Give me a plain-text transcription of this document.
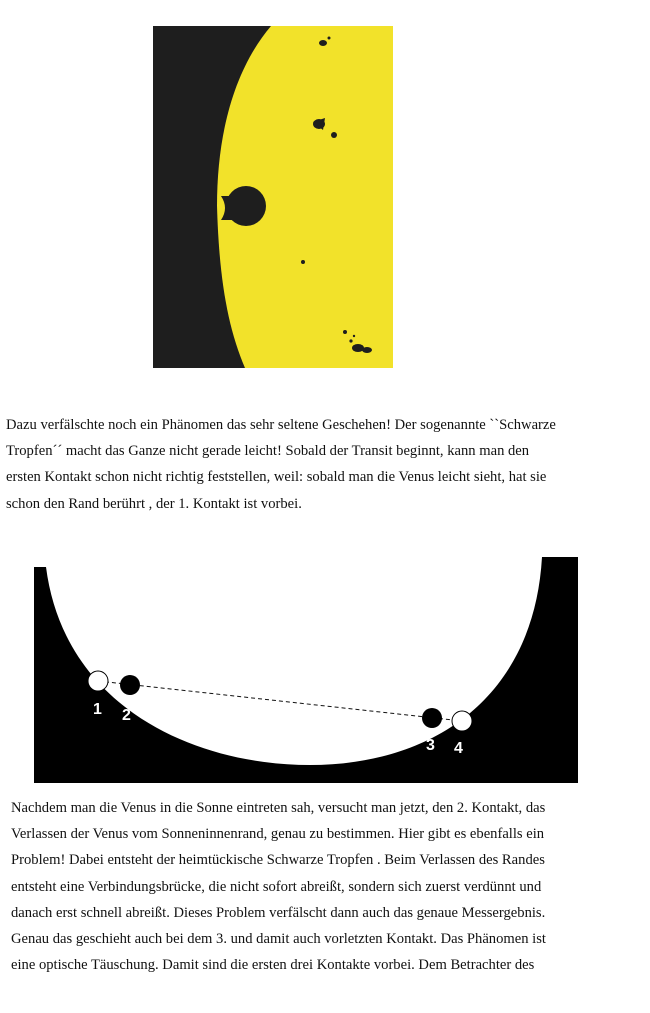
Dazu verfälschte noch ein Phänomen das sehr seltene Geschehen! Der sogenannte ``Schwarze
Tropfen´´ macht das Ganze nicht gerade leicht! Sobald der Transit beginnt, kann man den
ersten Kontakt schon nicht richtig feststellen, weil: sobald man die Venus leicht sieht, hat sie
schon den Rand berührt , der 1. Kontakt ist vorbei.

1 2
3 4

Nachdem man die Venus in die Sonne eintreten sah, versucht man jetzt, den 2. Kontakt, das
Verlassen der Venus vom Sonneninnenrand, genau zu bestimmen. Hier gibt es ebenfalls ein
Problem! Dabei entsteht der heimtückische Schwarze Tropfen . Beim Verlassen des Randes
entsteht eine Verbindungsbrücke, die nicht sofort abreißt, sondern sich zuerst verdünnt und
danach erst schnell abreißt. Dieses Problem verfälscht dann auch das genaue Messergebnis.
Genau das geschieht auch bei dem 3. und damit auch vorletzten Kontakt. Das Phänomen ist
eine optische Täuschung. Damit sind die ersten drei Kontakte vorbei. Dem Betrachter des
